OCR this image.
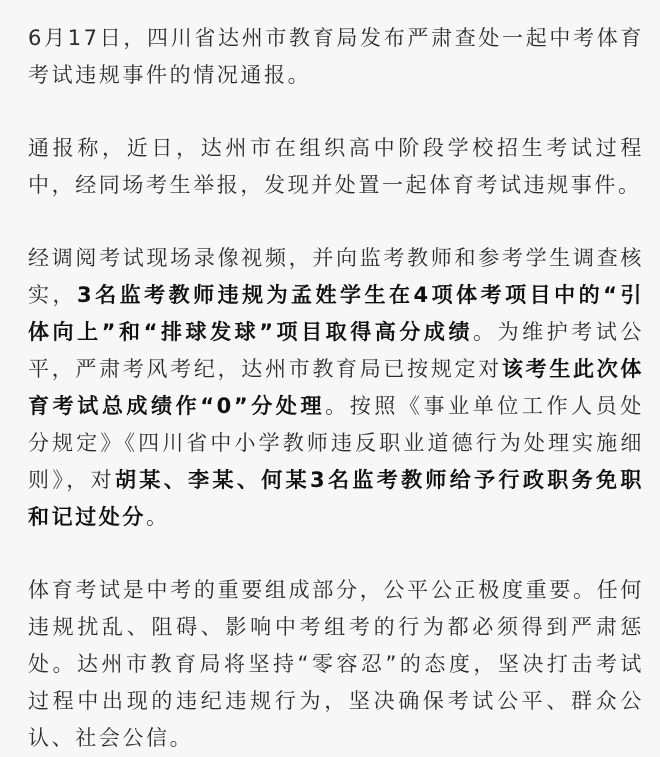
6月17日，四川省达州市教育局发布严肃查处一起中考体育考试违规事件的情况通报。

通报称，近日，达州市在组织高中阶段学校招生考试过程中，经同场考生举报，发现并处置一起体育考试违规事件。

经调阅考试现场录像视频，并向监考教师和参考学生调查核实，3名监考教师违规为孟姓学生在4项体考项目中的“引体向上”和“排球发球”项目取得高分成绩。为维护考试公平，严肃考风考纪，达州市教育局已按规定对该考生此次体育考试总成绩作“0”分处理。按照《事业单位工作人员处分规定》《四川省中小学教师违反职业道德行为处理实施细则》，对胡某、李某、何某3名监考教师给予行政职务免职和记过处分。

体育考试是中考的重要组成部分，公平公正极度重要。任何违规扰乱、阻碍、影响中考组考的行为都必须得到严肃惩处。达州市教育局将坚持“零容忍”的态度，坚决打击考试过程中出现的违纪违规行为，坚决确保考试公平、群众公认、社会公信。
